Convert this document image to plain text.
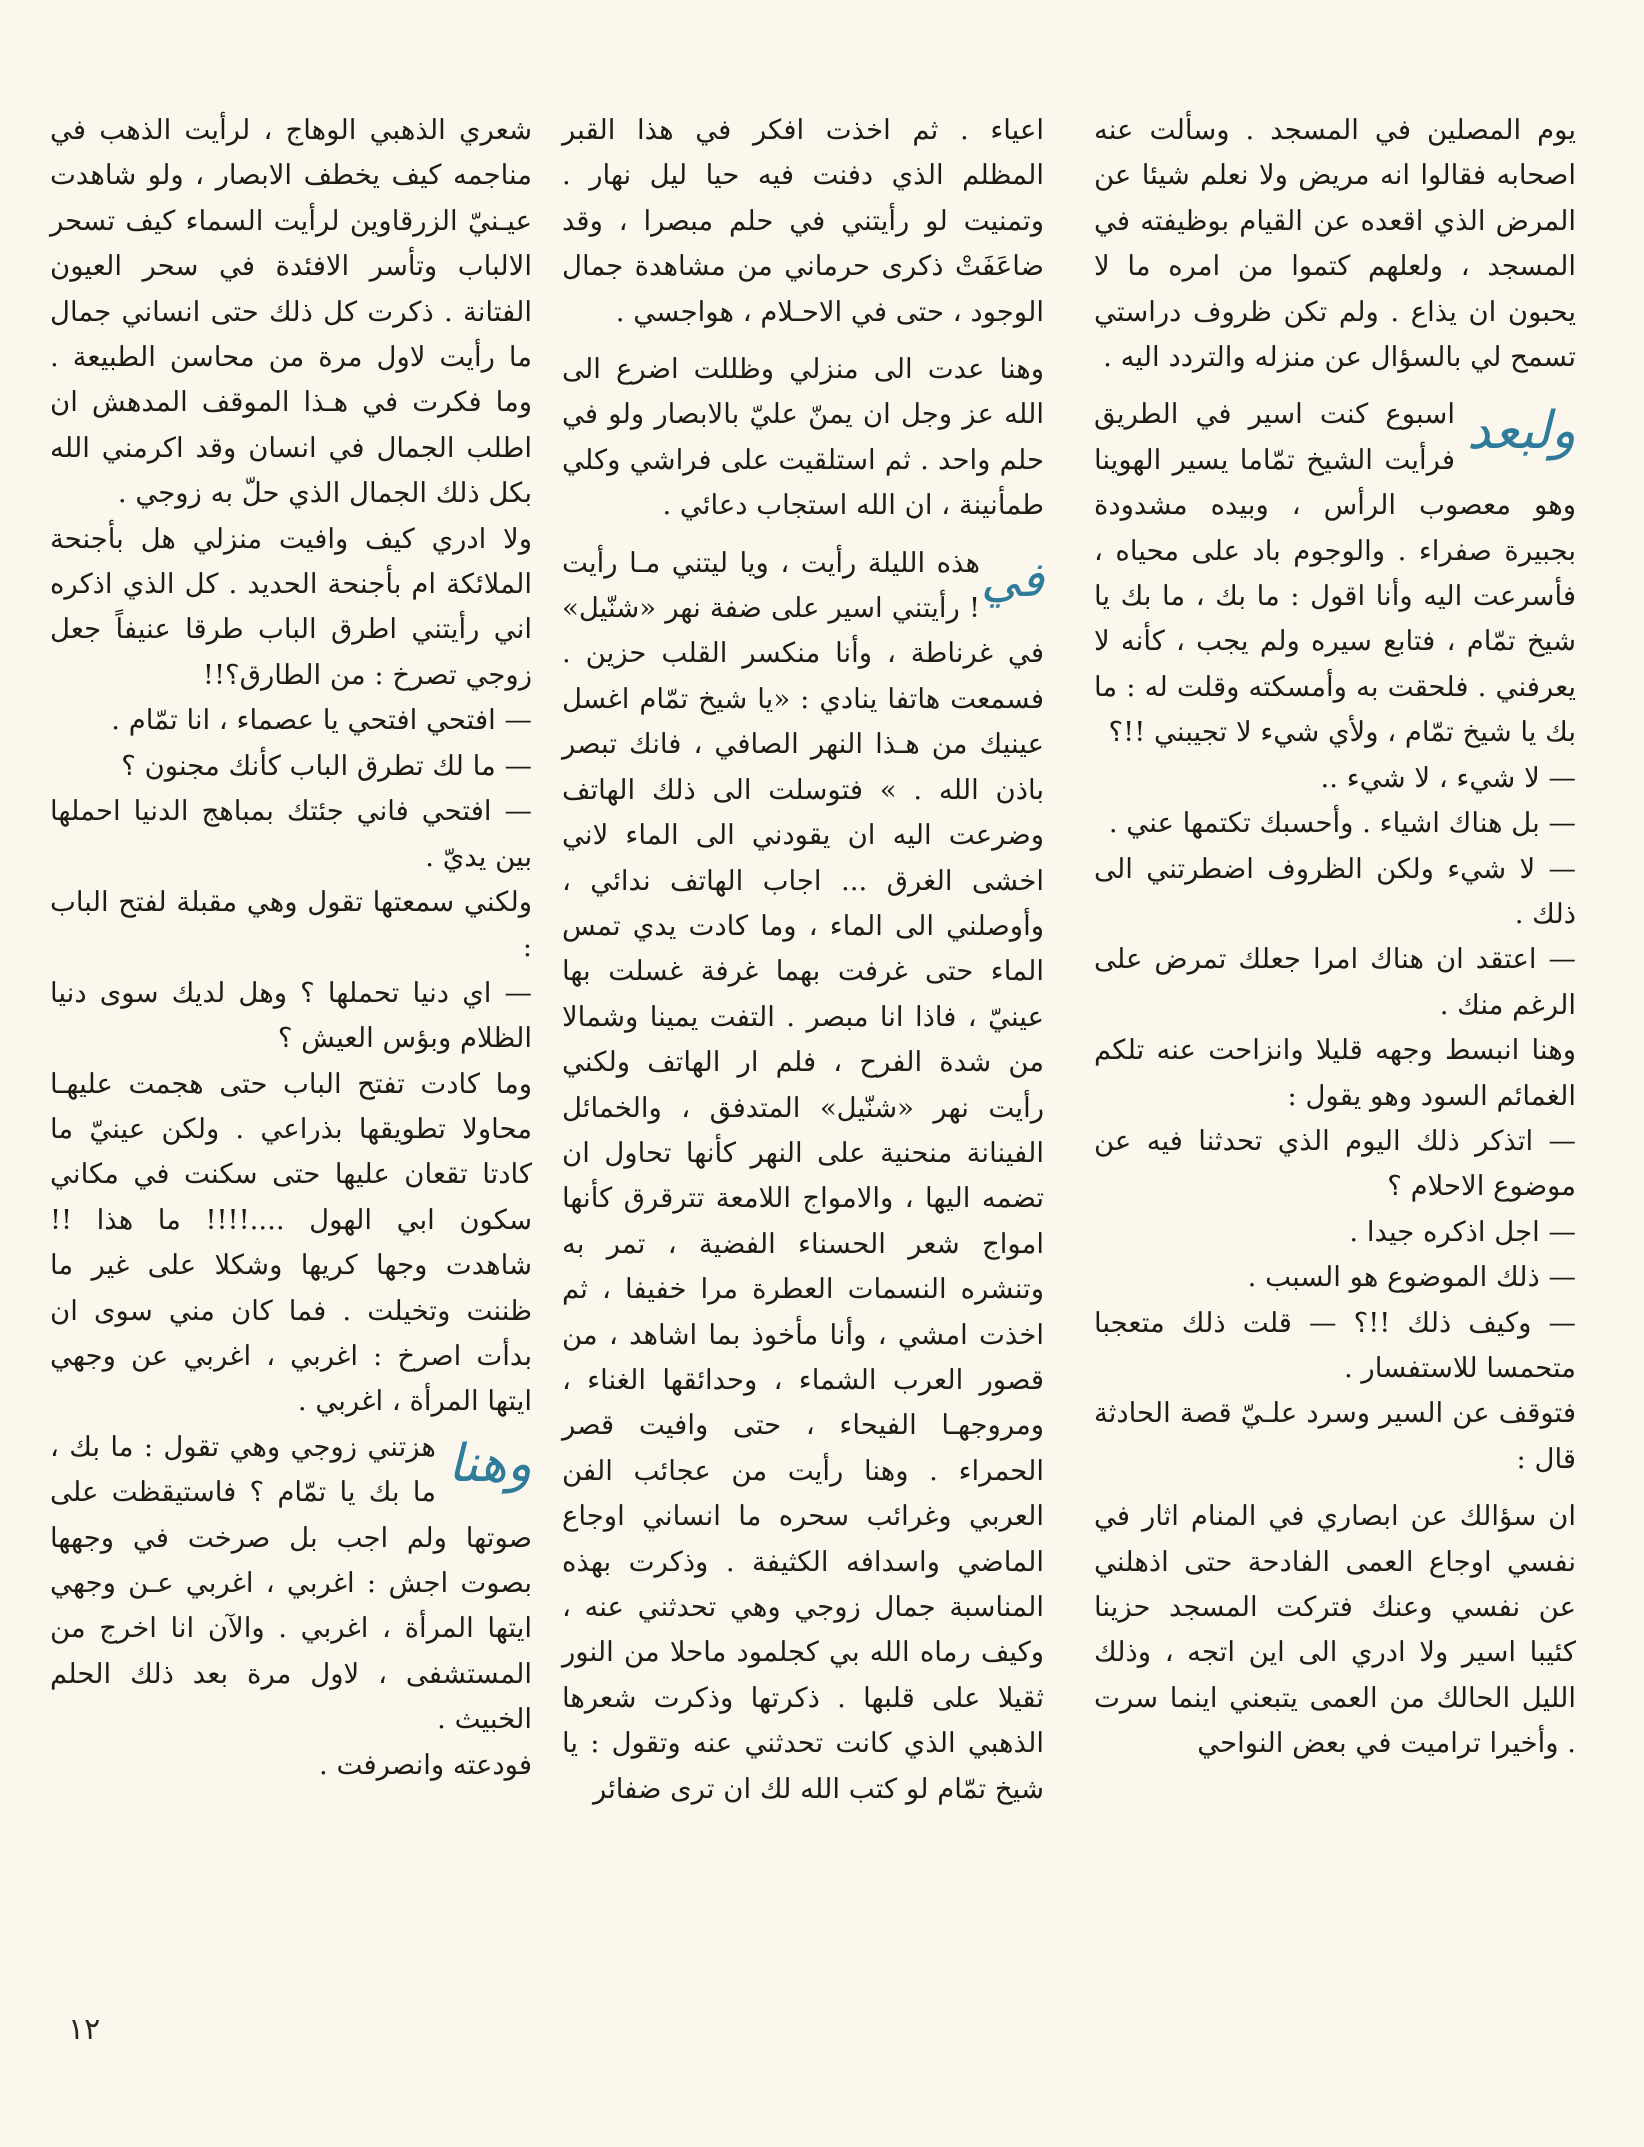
يوم المصلين في المسجد . وسألت عنه اصحابه فقالوا انه مريض ولا نعلم شيئا عن المرض الذي اقعده عن القيام بوظيفته في المسجد ، ولعلهم كتموا من امره ما لا يحبون ان يذاع . ولم تكن ظروف دراستي تسمح لي بالسؤال عن منزله والتردد اليه .

ولبعد
اسبوع كنت اسير في الطريق فرأيت الشيخ تمّاما يسير الهوينا وهو معصوب الرأس ، وبيده مشدودة بجبيرة صفراء . والوجوم باد على محياه ، فأسرعت اليه وأنا اقول : ما بك ، ما بك يا شيخ تمّام ، فتابع سيره ولم يجب ، كأنه لا يعرفني . فلحقت به وأمسكته وقلت له : ما بك يا شيخ تمّام ، ولأي شيء لا تجيبني !!؟

— لا شيء ، لا شيء ..

— بل هناك اشياء . وأحسبك تكتمها عني .

— لا شيء ولكن الظروف اضطرتني الى ذلك .

— اعتقد ان هناك امرا جعلك تمرض على الرغم منك .

وهنا انبسط وجهه قليلا وانزاحت عنه تلكم الغمائم السود وهو يقول :

— اتذكر ذلك اليوم الذي تحدثنا فيه عن موضوع الاحلام ؟

— اجل اذكره جيدا .

— ذلك الموضوع هو السبب .

— وكيف ذلك !!؟ — قلت ذلك متعجبا متحمسا للاستفسار .

فتوقف عن السير وسرد علـيّ قصة الحادثة قال :

ان سؤالك عن ابصاري في المنام اثار في نفسي اوجاع العمى الفادحة حتى اذهلني عن نفسي وعنك فتركت المسجد حزينا كئيبا اسير ولا ادري الى اين اتجه ، وذلك الليل الحالك من العمى يتبعني اينما سرت . وأخيرا ترامیت في بعض النواحي

اعياء . ثم اخذت افكر في هذا القبر المظلم الذي دفنت فيه حيا ليل نهار . وتمنيت لو رأيتني في حلم مبصرا ، وقد ضاعَفَتْ ذكرى حرماني من مشاهدة جمال الوجود ، حتى في الاحـلام ، هواجسي .

وهنا عدت الى منزلي وظللت اضرع الى الله عز وجل ان يمنّ عليّ بالابصار ولو في حلم واحد . ثم استلقيت على فراشي وكلي طمأنينة ، ان الله استجاب دعائي .

في
هذه الليلة رأيت ، ويا ليتني مـا رأيت ! رأيتني اسير على ضفة نهر «شنّيل» في غرناطة ، وأنا منكسر القلب حزين . فسمعت هاتفا ينادي : «يا شيخ تمّام اغسل عينيك من هـذا النهر الصافي ، فانك تبصر باذن الله . » فتوسلت الى ذلك الهاتف وضرعت اليه ان يقودني الى الماء لاني اخشى الغرق ... اجاب الهاتف ندائي ، وأوصلني الى الماء ، وما كادت يدي تمس الماء حتى غرفت بهما غرفة غسلت بها عينيّ ، فاذا انا مبصر . التفت يمينا وشمالا من شدة الفرح ، فلم ار الهاتف ولكني رأيت نهر «شنّيل» المتدفق ، والخمائل الفينانة منحنية على النهر كأنها تحاول ان تضمه اليها ، والامواج اللامعة تترقرق كأنها امواج شعر الحسناء الفضية ، تمر به وتنشره النسمات العطرة مرا خفيفا ، ثم اخذت امشي ، وأنا مأخوذ بما اشاهد ، من قصور العرب الشماء ، وحدائقها الغناء ، ومروجهـا الفيحاء ، حتى وافيت قصر الحمراء . وهنا رأيت من عجائب الفن العربي وغرائب سحره ما انساني اوجاع الماضي واسدافه الكثيفة . وذكرت بهذه المناسبة جمال زوجي وهي تحدثني عنه ، وكيف رماه الله بي كجلمود ماحلا من النور ثقيلا على قلبها . ذكرتها وذكرت شعرها الذهبي الذي كانت تحدثني عنه وتقول : يا شيخ تمّام لو كتب الله لك ان ترى ضفائر

شعري الذهبي الوهاج ، لرأيت الذهب في مناجمه كيف يخطف الابصار ، ولو شاهدت عيـنيّ الزرقاوين لرأيت السماء كيف تسحر الالباب وتأسر الافئدة في سحر العيون الفتانة . ذكرت كل ذلك حتى انساني جمال ما رأيت لاول مرة من محاسن الطبيعة . وما فكرت في هـذا الموقف المدهش ان اطلب الجمال في انسان وقد اكرمني الله بكل ذلك الجمال الذي حلّ به زوجي .

ولا ادري كيف وافيت منزلي هل بأجنحة الملائكة ام بأجنحة الحديد . كل الذي اذكره اني رأيتني اطرق الباب طرقا عنيفاً جعل زوجي تصرخ : من الطارق؟!!

— افتحي افتحي يا عصماء ، انا تمّام .

— ما لك تطرق الباب كأنك مجنون ؟

— افتحي فاني جئتك بمباهج الدنيا احملها بين يديّ .

ولكني سمعتها تقول وهي مقبلة لفتح الباب :

— اي دنيا تحملها ؟ وهل لديك سوى دنيا الظلام وبؤس العيش ؟

وما كادت تفتح الباب حتى هجمت عليهـا محاولا تطويقها بذراعي . ولكن عينيّ ما كادتا تقعان عليها حتى سكنت في مكاني سكون ابي الهول ....!!!! ما هذا !! شاهدت وجها كريها وشكلا على غير ما ظننت وتخيلت . فما كان مني سوى ان بدأت اصرخ : اغربي ، اغربي عن وجهي ايتها المرأة ، اغربي .

وهنا
هزتني زوجي وهي تقول : ما بك ، ما بك يا تمّام ؟ فاستيقظت على صوتها ولم اجب بل صرخت في وجهها بصوت اجش : اغربي ، اغربي عـن وجهي ايتها المرأة ، اغربي . والآن انا اخرج من المستشفى ، لاول مرة بعد ذلك الحلم الخبيث .

فودعته وانصرفت .

١٢
